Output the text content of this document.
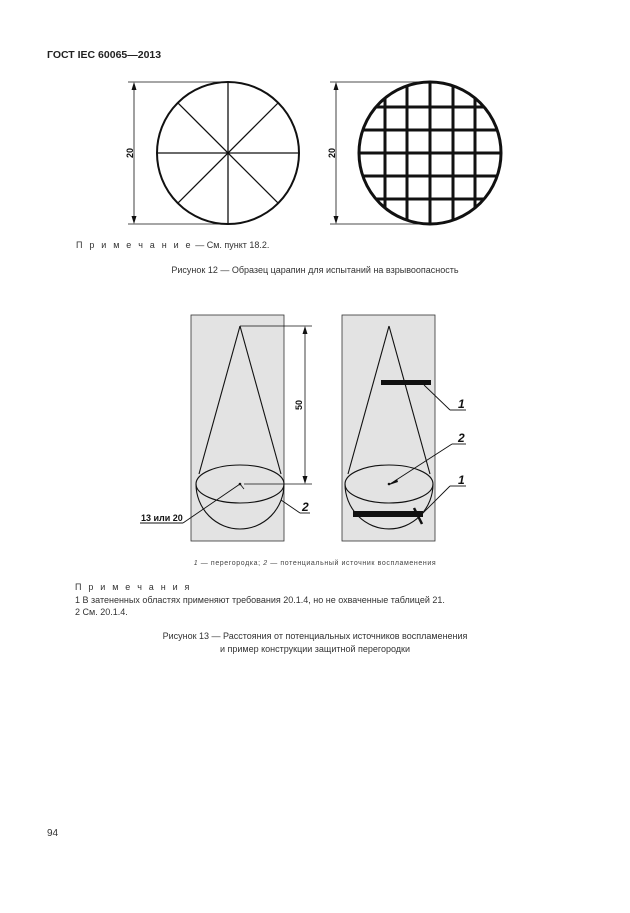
ГОСТ IEC 60065—2013
20	20
50
13 или 20
2
1
2
1
П р и м е ч а н и е — См. пункт 18.2.
Рисунок 12 — Образец царапин для испытаний на взрывоопасность
1 — перегородка; 2 — потенциальный источник воспламенения
П р и м е ч а н и я
1 В затененных областях применяют требования 20.1.4, но не охваченные таблицей 21.
2 См. 20.1.4.
Рисунок 13 — Расстояния от потенциальных источников воспламенения
и пример конструкции защитной перегородки
94
